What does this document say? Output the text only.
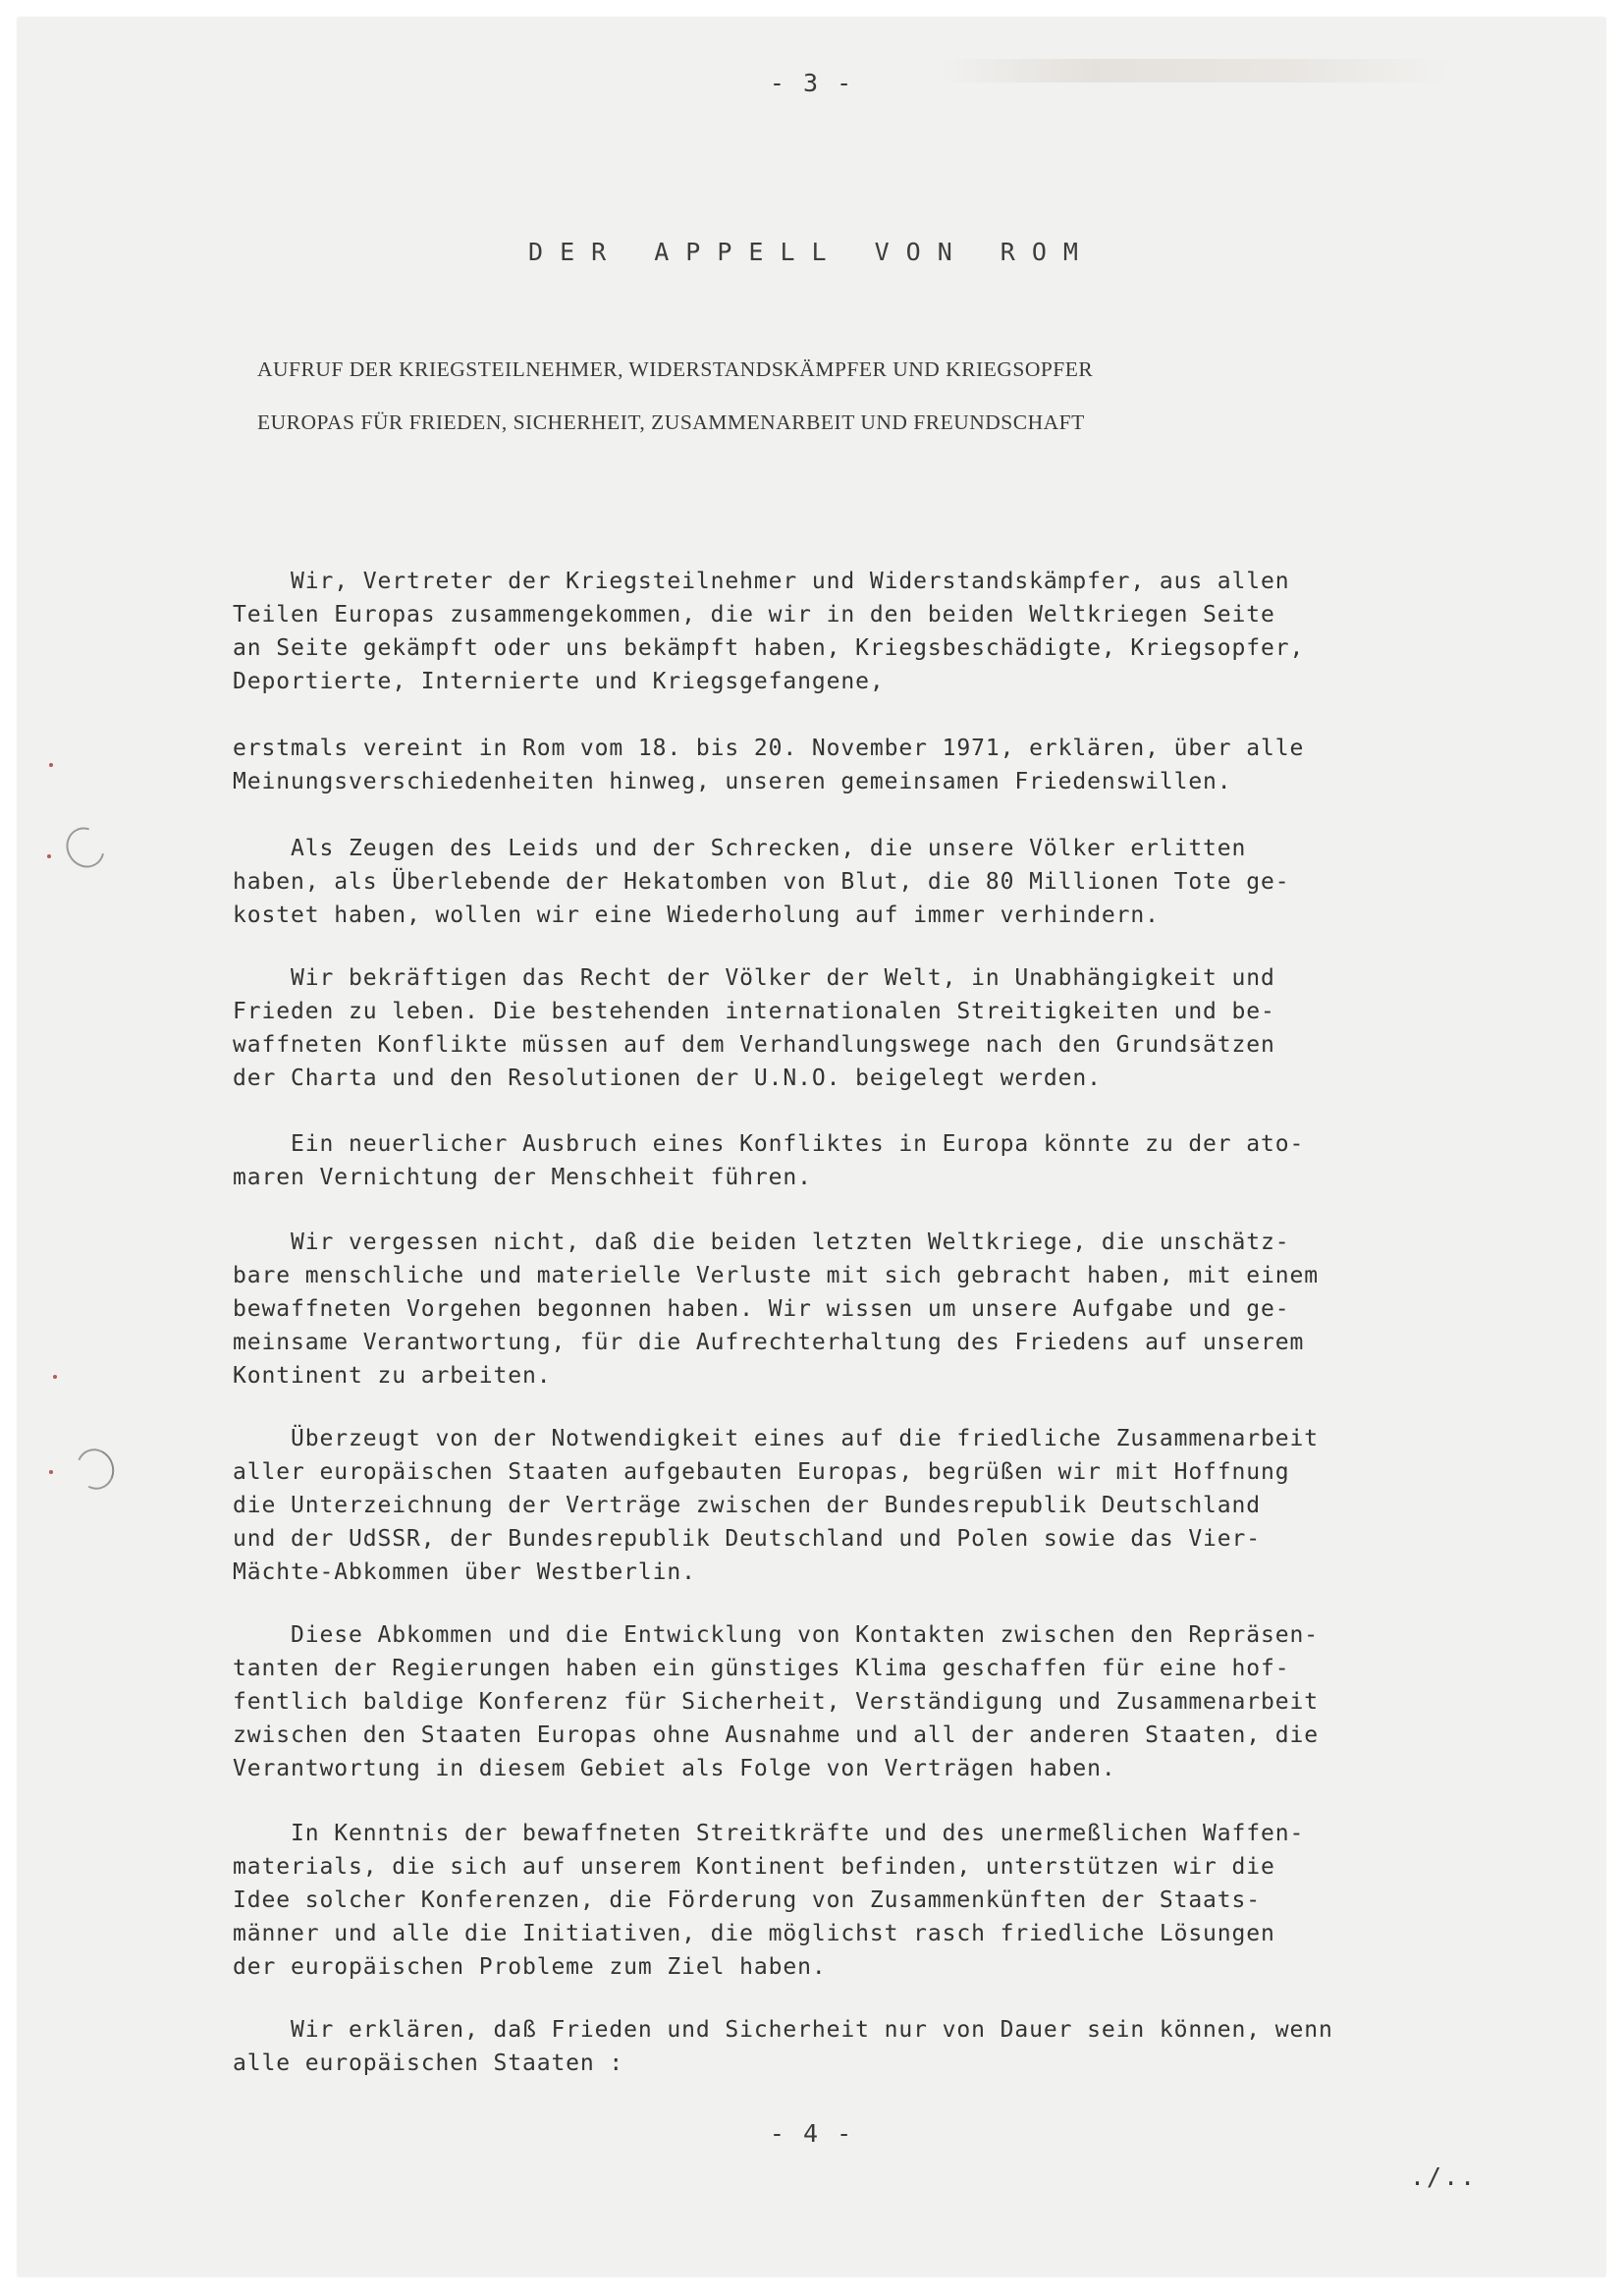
- 3 -
DER APPELL VON ROM
AUFRUF DER KRIEGSTEILNEHMER, WIDERSTANDSKÄMPFER UND KRIEGSOPFER
EUROPAS FÜR FRIEDEN, SICHERHEIT, ZUSAMMENARBEIT UND FREUNDSCHAFT

Wir, Vertreter der Kriegsteilnehmer und Widerstandskämpfer, aus allen
Teilen Europas zusammengekommen, die wir in den beiden Weltkriegen Seite
an Seite gekämpft oder uns bekämpft haben, Kriegsbeschädigte, Kriegsopfer,
Deportierte, Internierte und Kriegsgefangene,

erstmals vereint in Rom vom 18. bis 20. November 1971, erklären, über alle
Meinungsverschiedenheiten hinweg, unseren gemeinsamen Friedenswillen.

Als Zeugen des Leids und der Schrecken, die unsere Völker erlitten
haben, als Überlebende der Hekatomben von Blut, die 80 Millionen Tote ge-
kostet haben, wollen wir eine Wiederholung auf immer verhindern.

Wir bekräftigen das Recht der Völker der Welt, in Unabhängigkeit und
Frieden zu leben. Die bestehenden internationalen Streitigkeiten und be-
waffneten Konflikte müssen auf dem Verhandlungswege nach den Grundsätzen
der Charta und den Resolutionen der U.N.O. beigelegt werden.

Ein neuerlicher Ausbruch eines Konfliktes in Europa könnte zu der ato-
maren Vernichtung der Menschheit führen.

Wir vergessen nicht, daß die beiden letzten Weltkriege, die unschätz-
bare menschliche und materielle Verluste mit sich gebracht haben, mit einem
bewaffneten Vorgehen begonnen haben. Wir wissen um unsere Aufgabe und ge-
meinsame Verantwortung, für die Aufrechterhaltung des Friedens auf unserem
Kontinent zu arbeiten.

Überzeugt von der Notwendigkeit eines auf die friedliche Zusammenarbeit
aller europäischen Staaten aufgebauten Europas, begrüßen wir mit Hoffnung
die Unterzeichnung der Verträge zwischen der Bundesrepublik Deutschland
und der UdSSR, der Bundesrepublik Deutschland und Polen sowie das Vier-
Mächte-Abkommen über Westberlin.

Diese Abkommen und die Entwicklung von Kontakten zwischen den Repräsen-
tanten der Regierungen haben ein günstiges Klima geschaffen für eine hof-
fentlich baldige Konferenz für Sicherheit, Verständigung und Zusammenarbeit
zwischen den Staaten Europas ohne Ausnahme und all der anderen Staaten, die
Verantwortung in diesem Gebiet als Folge von Verträgen haben.

In Kenntnis der bewaffneten Streitkräfte und des unermeßlichen Waffen-
materials, die sich auf unserem Kontinent befinden, unterstützen wir die
Idee solcher Konferenzen, die Förderung von Zusammenkünften der Staats-
männer und alle die Initiativen, die möglichst rasch friedliche Lösungen
der europäischen Probleme zum Ziel haben.

Wir erklären, daß Frieden und Sicherheit nur von Dauer sein können, wenn
alle europäischen Staaten :

- 4 -
./..
